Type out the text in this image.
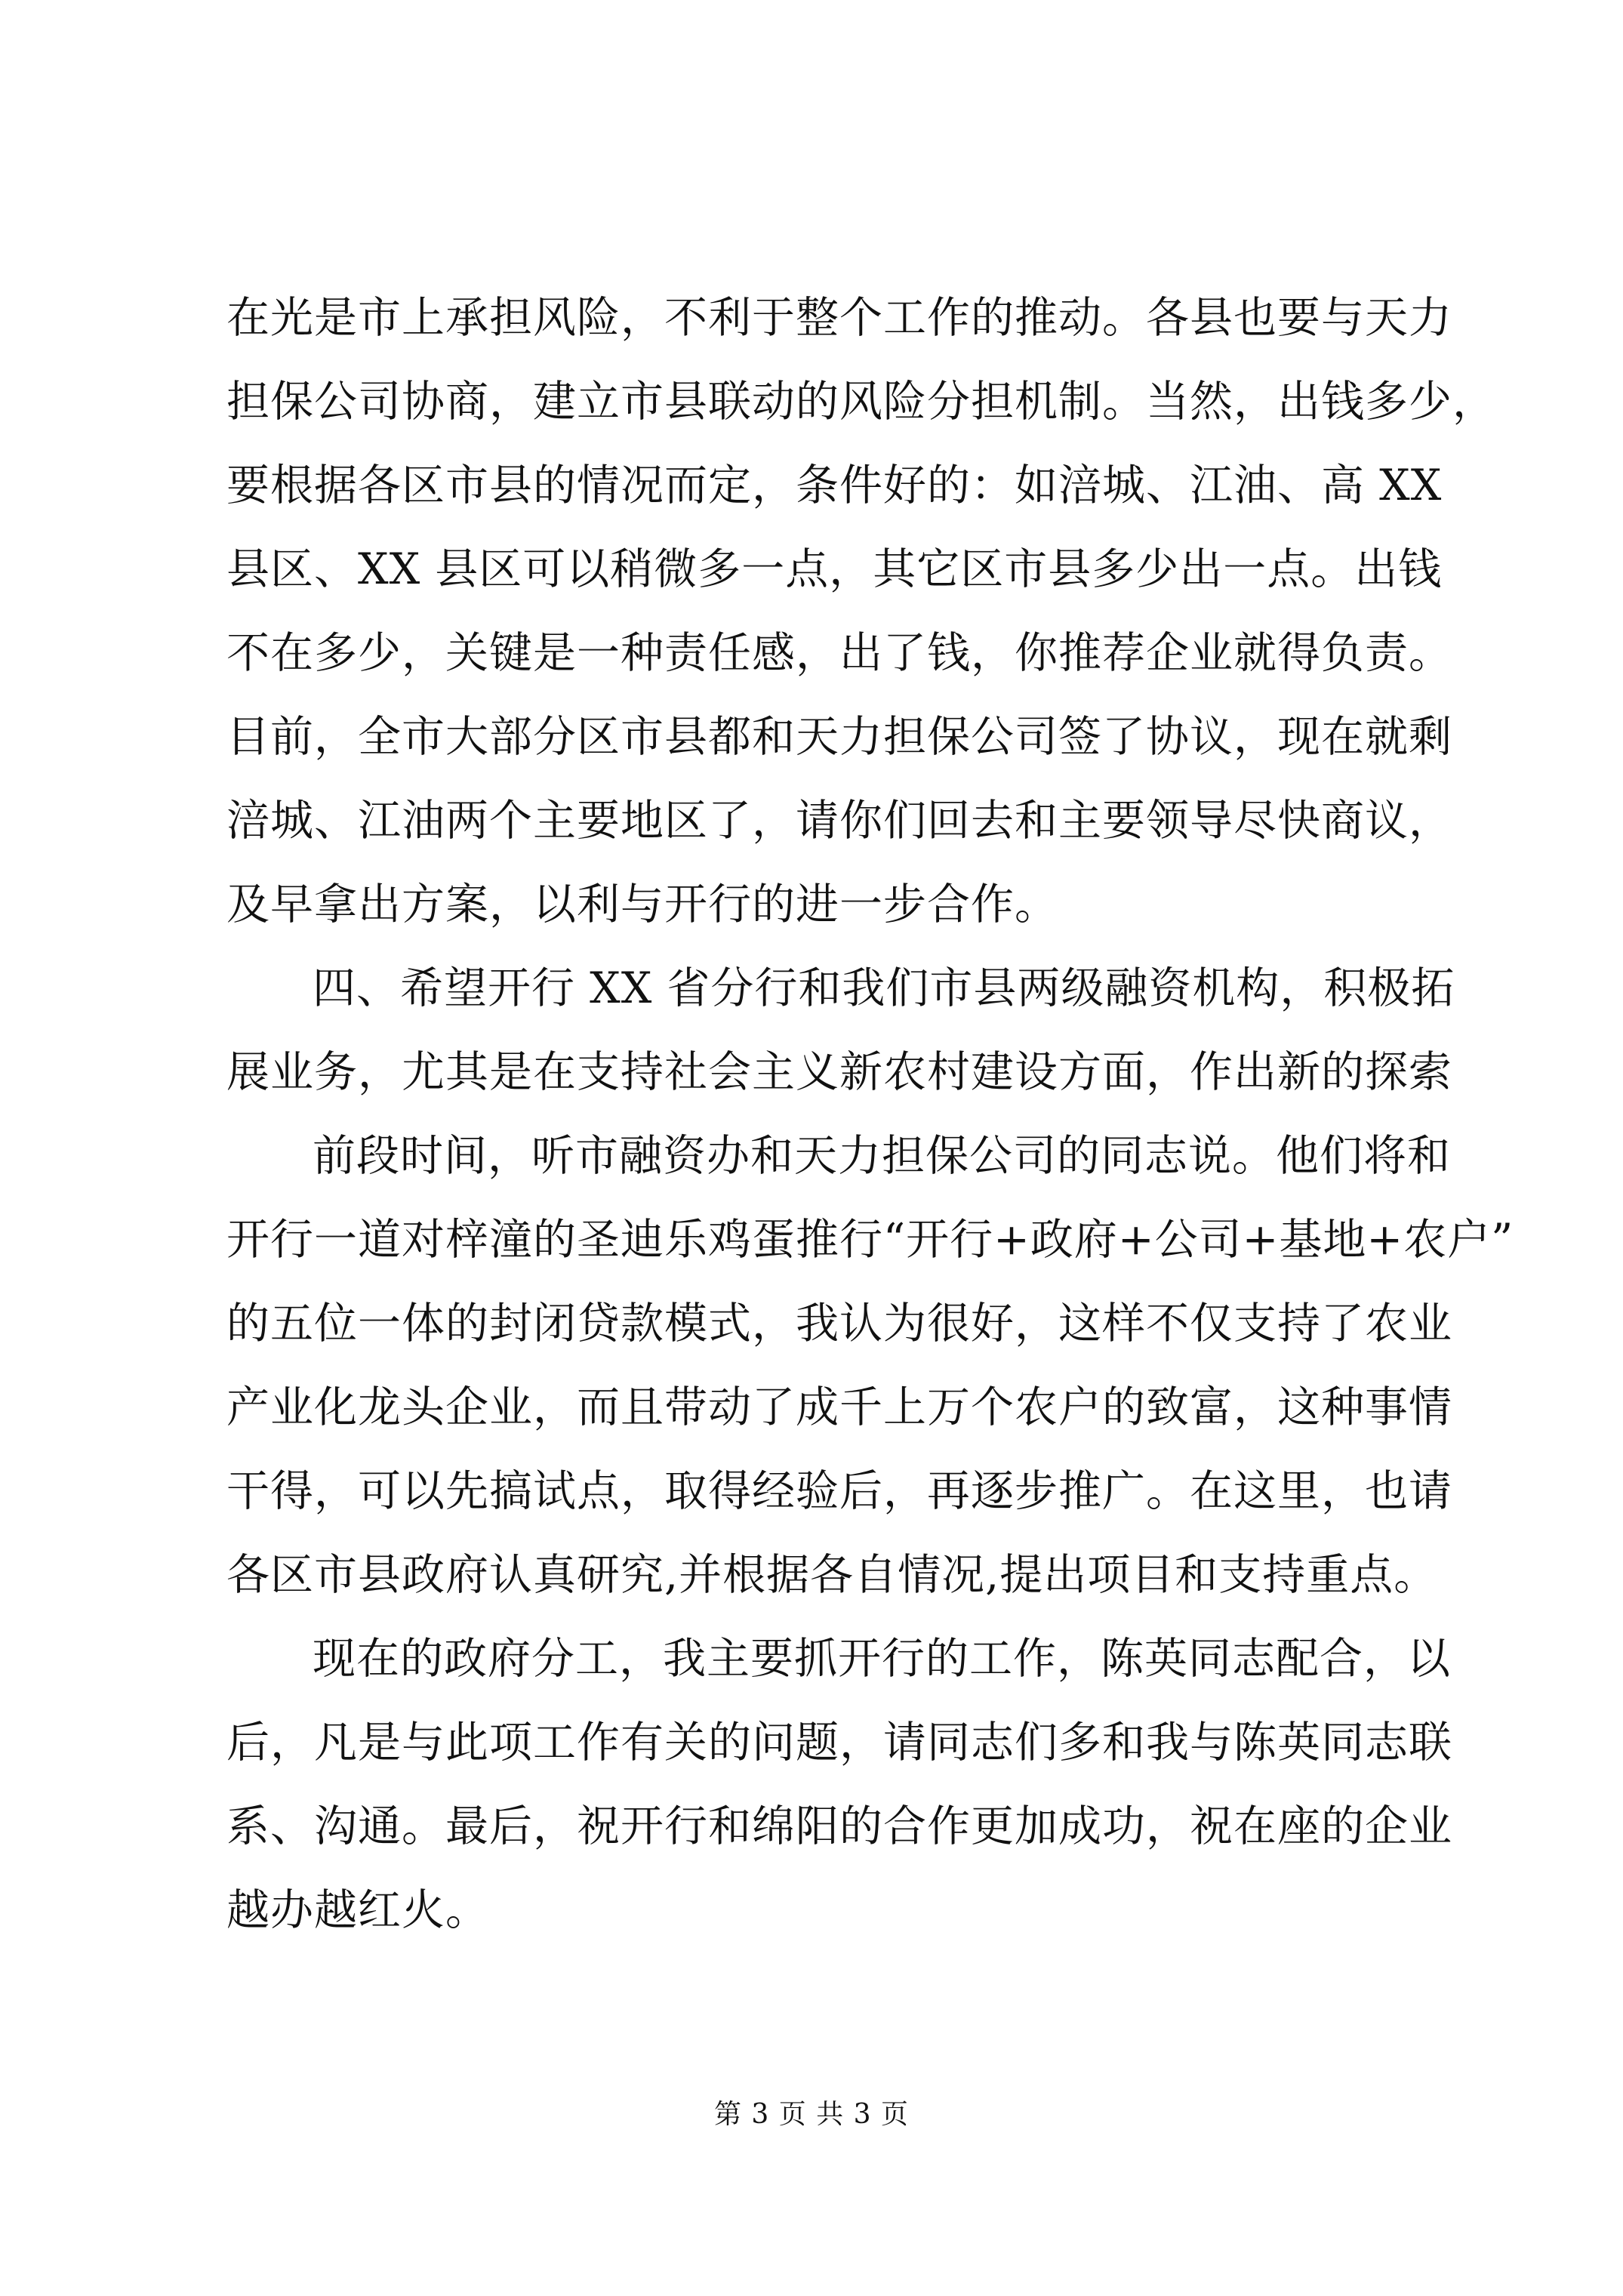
在光是市上承担风险，不利于整个工作的推动。各县也要与天力
担保公司协商，建立市县联动的风险分担机制。当然，出钱多少，
要根据各区市县的情况而定，条件好的：如涪城、江油、高 XX
县区、XX 县区可以稍微多一点，其它区市县多少出一点。出钱
不在多少，关键是一种责任感，出了钱，你推荐企业就得负责。
目前，全市大部分区市县都和天力担保公司签了协议，现在就剩
涪城、江油两个主要地区了，请你们回去和主要领导尽快商议，
及早拿出方案，以利与开行的进一步合作。
四、希望开行 XX 省分行和我们市县两级融资机构，积极拓
展业务，尤其是在支持社会主义新农村建设方面，作出新的探索
前段时间，听市融资办和天力担保公司的同志说。他们将和
开行一道对梓潼的圣迪乐鸡蛋推行“开行+政府+公司+基地+农户”
的五位一体的封闭贷款模式，我认为很好，这样不仅支持了农业
产业化龙头企业，而且带动了成千上万个农户的致富，这种事情
干得，可以先搞试点，取得经验后，再逐步推广。在这里，也请
各区市县政府认真研究,并根据各自情况,提出项目和支持重点。
现在的政府分工，我主要抓开行的工作，陈英同志配合，以
后，凡是与此项工作有关的问题，请同志们多和我与陈英同志联
系、沟通。最后，祝开行和绵阳的合作更加成功，祝在座的企业
越办越红火。
第 3 页 共 3 页
